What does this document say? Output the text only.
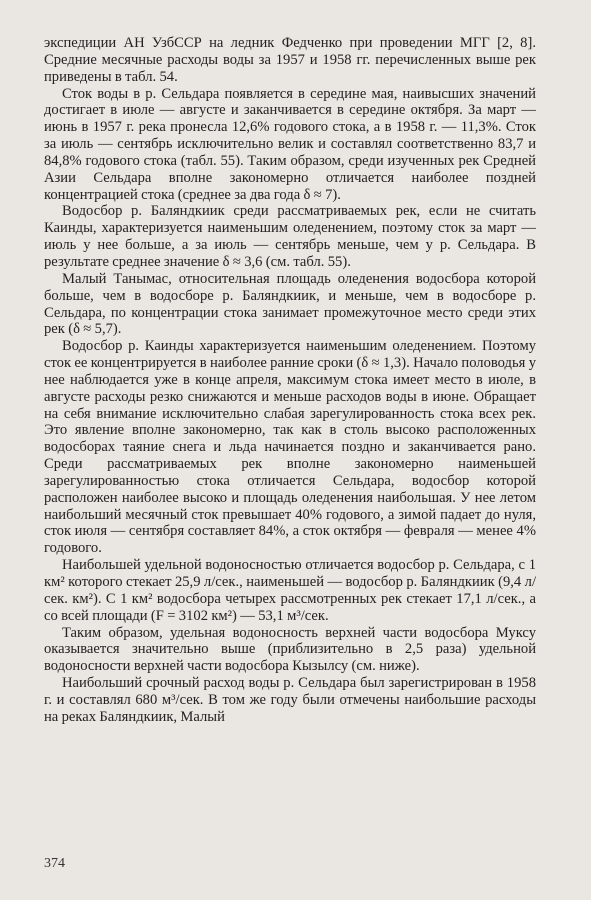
экспедиции АН УзбССР на ледник Федченко при проведении МГГ [2, 8]. Средние месячные расходы воды за 1957 и 1958 гг. перечисленных выше рек приведены в табл. 54.

Сток воды в р. Сельдара появляется в середине мая, наивысших значений достигает в июле — августе и заканчивается в середине октября. За март — июнь в 1957 г. река пронесла 12,6% годового стока, а в 1958 г. — 11,3%. Сток за июль — сентябрь исключительно велик и составлял соответственно 83,7 и 84,8% годового стока (табл. 55). Таким образом, среди изученных рек Средней Азии Сельдара вполне закономерно отличается наиболее поздней концентрацией стока (среднее за два года δ ≈ 7).

Водосбор р. Баляндкиик среди рассматриваемых рек, если не считать Каинды, характеризуется наименьшим оледенением, поэтому сток за март — июль у нее больше, а за июль — сентябрь меньше, чем у р. Сельдара. В результате среднее значение δ ≈ 3,6 (см. табл. 55).

Малый Танымас, относительная площадь оледенения водосбора которой больше, чем в водосборе р. Баляндкиик, и меньше, чем в водосборе р. Сельдара, по концентрации стока занимает промежуточное место среди этих рек (δ ≈ 5,7).

Водосбор р. Каинды характеризуется наименьшим оледенением. Поэтому сток ее концентрируется в наиболее ранние сроки (δ ≈ 1,3). Начало половодья у нее наблюдается уже в конце апреля, максимум стока имеет место в июле, в августе расходы резко снижаются и меньше расходов воды в июне. Обращает на себя внимание исключительно слабая зарегулированность стока всех рек. Это явление вполне закономерно, так как в столь высоко расположенных водосборах таяние снега и льда начинается поздно и заканчивается рано. Среди рассматриваемых рек вполне закономерно наименьшей зарегулированностью стока отличается Сельдара, водосбор которой расположен наиболее высоко и площадь оледенения наибольшая. У нее летом наибольший месячный сток превышает 40% годового, а зимой падает до нуля, сток июля — сентября составляет 84%, а сток октября — февраля — менее 4% годового.

Наибольшей удельной водоносностью отличается водосбор р. Сельдара, с 1 км² которого стекает 25,9 л/сек., наименьшей — водосбор р. Баляндкиик (9,4 л/сек. км²). С 1 км² водосбора четырех рассмотренных рек стекает 17,1 л/сек., а со всей площади (F = 3102 км²) — 53,1 м³/сек.

Таким образом, удельная водоносность верхней части водосбора Муксу оказывается значительно выше (приблизительно в 2,5 раза) удельной водоносности верхней части водосбора Кызылсу (см. ниже).

Наибольший срочный расход воды р. Сельдара был зарегистрирован в 1958 г. и составлял 680 м³/сек. В том же году были отмечены наибольшие расходы на реках Баляндкиик, Малый

374
